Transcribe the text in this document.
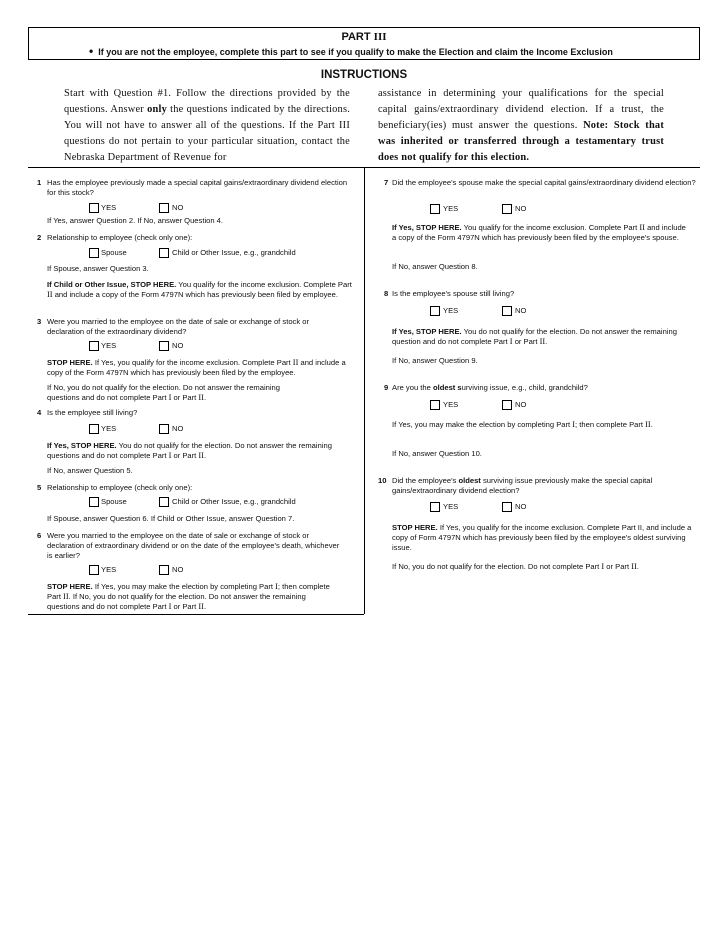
PART III
• If you are not the employee, complete this part to see if you qualify to make the Election and claim the Income Exclusion
INSTRUCTIONS

Start with Question #1. Follow the directions provided by the questions. Answer only the questions indicated by the directions. You will not have to answer all of the questions. If the Part III questions do not pertain to your particular situation, contact the Nebraska Department of Revenue for

assistance in determining your qualifications for the special capital gains/extraordinary dividend election. If a trust, the beneficiary(ies) must answer the questions. Note: Stock that was inherited or transferred through a testamentary trust does not qualify for this election.

1 Has the employee previously made a special capital gains/extraordinary dividend election for this stock?
YES	NO
If Yes, answer Question 2. If No, answer Question 4.
2 Relationship to employee (check only one):
Spouse	Child or Other Issue, e.g., grandchild
If Spouse, answer Question 3.
If Child or Other Issue, STOP HERE. You qualify for the income exclusion. Complete Part II and include a copy of the Form 4797N which has previously been filed by employee.
3 Were you married to the employee on the date of sale or exchange of stock or declaration of the extraordinary dividend?
YES	NO
STOP HERE. If Yes, you qualify for the income exclusion. Complete Part II and include a copy of the Form 4797N which has previously been filed by the employee.
If No, you do not qualify for the election. Do not answer the remaining questions and do not complete Part I or Part II.
4 Is the employee still living?
YES	NO
If Yes, STOP HERE. You do not qualify for the election. Do not answer the remaining questions and do not complete Part I or Part II.
If No, answer Question 5.
5 Relationship to employee (check only one):
Spouse	Child or Other Issue, e.g., grandchild
If Spouse, answer Question 6. If Child or Other Issue, answer Question 7.
6 Were you married to the employee on the date of sale or exchange of stock or declaration of extraordinary dividend or on the date of the employee's death, whichever is earlier?
YES	NO
STOP HERE. If Yes, you may make the election by completing Part I; then complete Part II. If No, you do not qualify for the election. Do not answer the remaining questions and do not complete Part I or Part II.
7 Did the employee's spouse make the special capital gains/extraordinary dividend election?
YES	NO
If Yes, STOP HERE. You qualify for the income exclusion. Complete Part II and include a copy of the Form 4797N which has previously been filed by the employee's spouse.
If No, answer Question 8.
8 Is the employee's spouse still living?
YES	NO
If Yes, STOP HERE. You do not qualify for the election. Do not answer the remaining question and do not complete Part I or Part II.
If No, answer Question 9.
9 Are you the oldest surviving issue, e.g., child, grandchild?
YES	NO
If Yes, you may make the election by completing Part I; then complete Part II.
If No, answer Question 10.
10 Did the employee's oldest surviving issue previously make the special capital gains/extraordinary dividend election?
YES	NO
STOP HERE. If Yes, you qualify for the income exclusion. Complete Part II, and include a copy of Form 4797N which has previously been filed by the employee's oldest surviving issue.
If No, you do not qualify for the election. Do not complete Part I or Part II.
